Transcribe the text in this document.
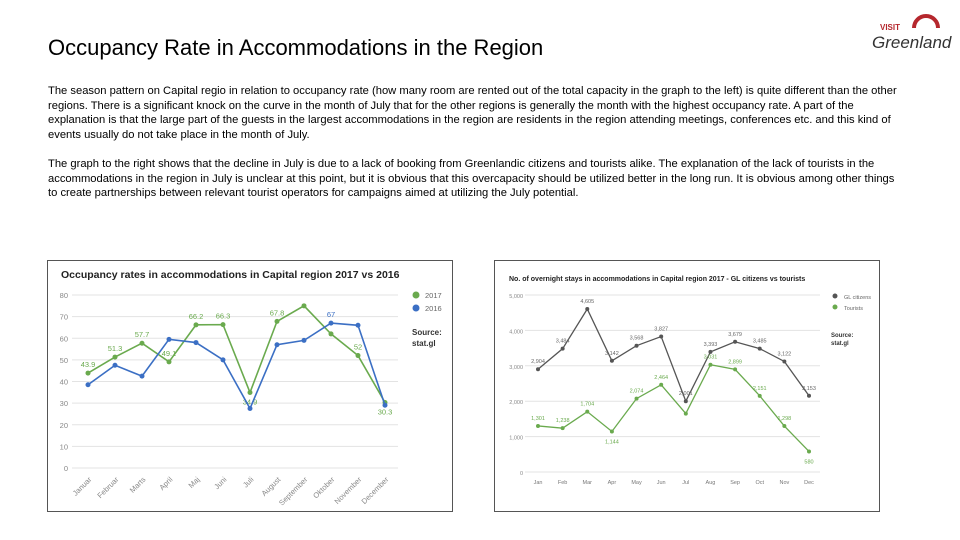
Occupancy Rate in Accommodations in the Region
VISIT
Greenland

The season pattern on Capital regio in relation to occupancy rate (how many room are rented out of the total capacity in the graph to the left) is quite different than the other regions. There is a significant knock on the curve in the month of July that for the other regions is generally the month with the highest occupancy rate. A part of the explanation is that the large part of the guests in the largest accommodations in the region are residents in the region attending meetings, conferences etc. and this kind of events usually do not take place in the month of July.

The graph to the right shows that the decline in July is due to a lack of booking from Greenlandic citizens and tourists alike. The explanation of the lack of tourists in the accommodations in the region in July is unclear at this point, but it is obvious that this overcapacity should be utilized better in the long run. It is obvious among other things to create partnerships between relevant tourist operators for campaigns aimed at utilizing the July potential.

Occupancy rates in accommodations in Capital region 2017 vs 2016
0
10
20
30
40
50
60
70
80
Januar Februar Marts April Maj Juni Juli August
September Oktober
November
December
43.9
51.3
57.7
49.1
66.2 66.3
34.9
67.8
52
30.3
2017
67
2016
Source:
stat.gl
No. of overnight stays in accommodations in Capital region 2017 - GL citizens vs tourists
0
1,000
2,000
3,000
4,000
5,000
Jan	Feb	Mar	Apr	May	Jun	Jul	Aug	Sep	Oct	Nov	Dec
2,904
3,484
4,605
3,142
3,568
3,827
2,001
3,393
3,679
3,485
3,122
2,153
GL citizens
1,301 1,238
1,704
1,144
2,074
2,464
3,031
2,899
2,151
1,298
580
Tourists
Source:
stat.gl
